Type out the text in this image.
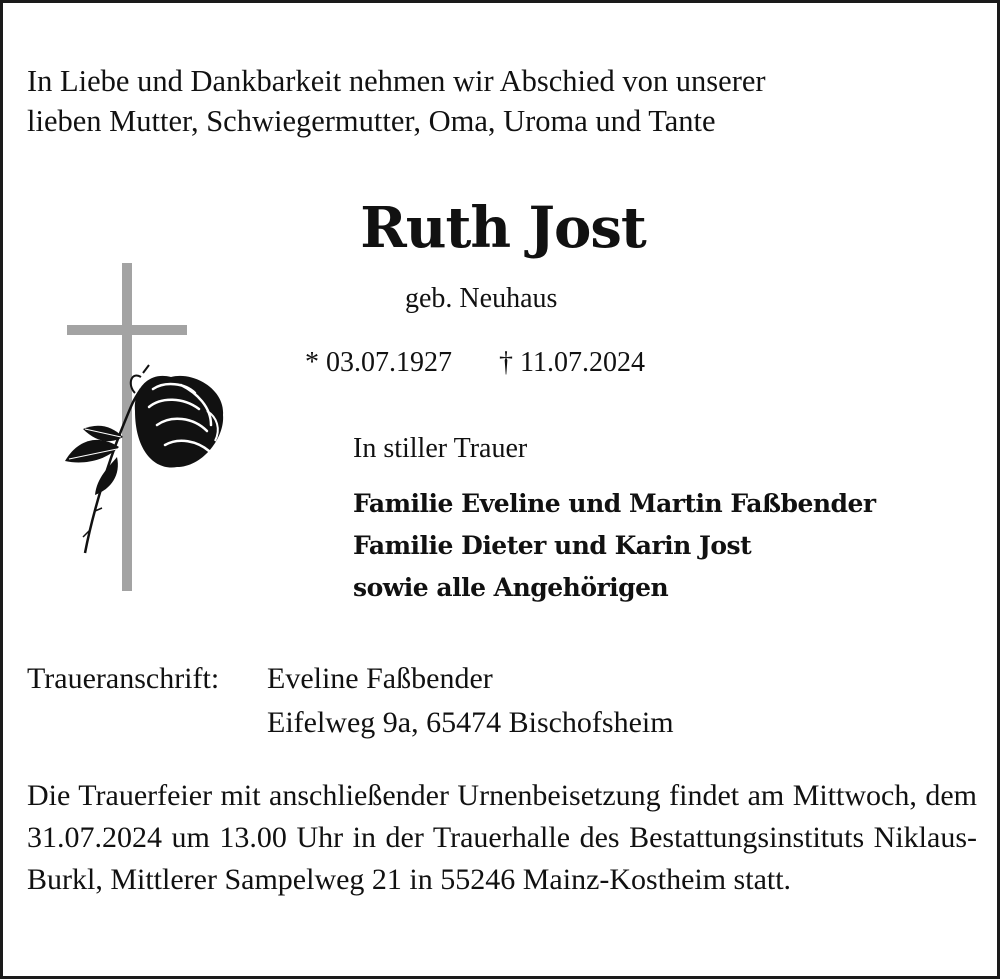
In Liebe und Dankbarkeit nehmen wir Abschied von unserer
lieben Mutter, Schwiegermutter, Oma, Uroma und Tante
Ruth Jost
geb. Neuhaus
* 03.07.1927 † 11.07.2024
In stiller Trauer
Familie Eveline und Martin Faßbender
Familie Dieter und Karin Jost
sowie alle Angehörigen
Traueranschrift:	Eveline Faßbender
Eifelweg 9a, 65474 Bischofsheim
Die Trauerfeier mit anschließender Urnenbeisetzung findet am Mittwoch, dem 31.07.2024 um 13.00 Uhr in der Trauerhalle des Bestattungsinstituts Niklaus-Burkl, Mittlerer Sampelweg 21 in 55246 Mainz-Kostheim statt.
